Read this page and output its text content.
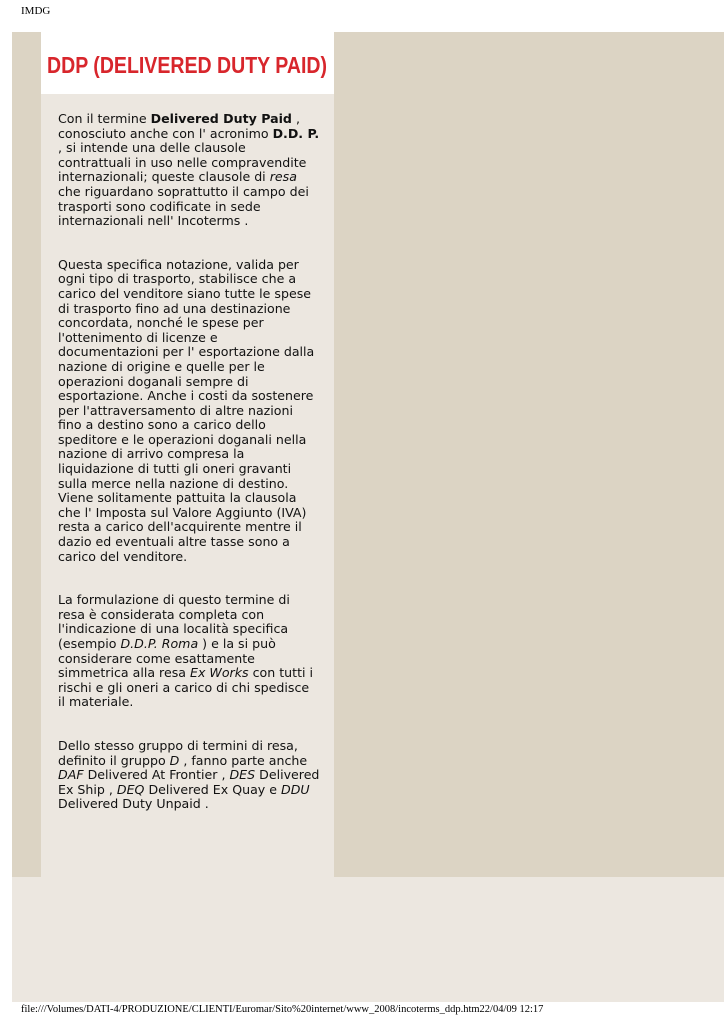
IMDG
DDP (DELIVERED DUTY PAID)

Con il termine Delivered Duty Paid , conosciuto anche con l' acronimo D.D. P. , si intende una delle clausole contrattuali in uso nelle compravendite internazionali; queste clausole di resa che riguardano soprattutto il campo dei trasporti sono codificate in sede internazionali nell' Incoterms .

Questa specifica notazione, valida per ogni tipo di trasporto, stabilisce che a carico del venditore siano tutte le spese di trasporto fino ad una destinazione concordata, nonché le spese per l'ottenimento di licenze e documentazioni per l' esportazione dalla nazione di origine e quelle per le operazioni doganali sempre di esportazione. Anche i costi da sostenere per l'attraversamento di altre nazioni fino a destino sono a carico dello speditore e le operazioni doganali nella nazione di arrivo compresa la liquidazione di tutti gli oneri gravanti sulla merce nella nazione di destino. Viene solitamente pattuita la clausola che l' Imposta sul Valore Aggiunto (IVA) resta a carico dell'acquirente mentre il dazio ed eventuali altre tasse sono a carico del venditore.

La formulazione di questo termine di resa è considerata completa con l'indicazione di una località specifica (esempio D.D.P. Roma ) e la si può considerare come esattamente simmetrica alla resa Ex Works con tutti i rischi e gli oneri a carico di chi spedisce il materiale.

Dello stesso gruppo di termini di resa, definito il gruppo D , fanno parte anche DAF Delivered At Frontier , DES Delivered Ex Ship , DEQ Delivered Ex Quay e DDU Delivered Duty Unpaid .

file:///Volumes/DATI-4/PRODUZIONE/CLIENTI/Euromar/Sito%20internet/www_2008/incoterms_ddp.htm22/04/09 12:17
